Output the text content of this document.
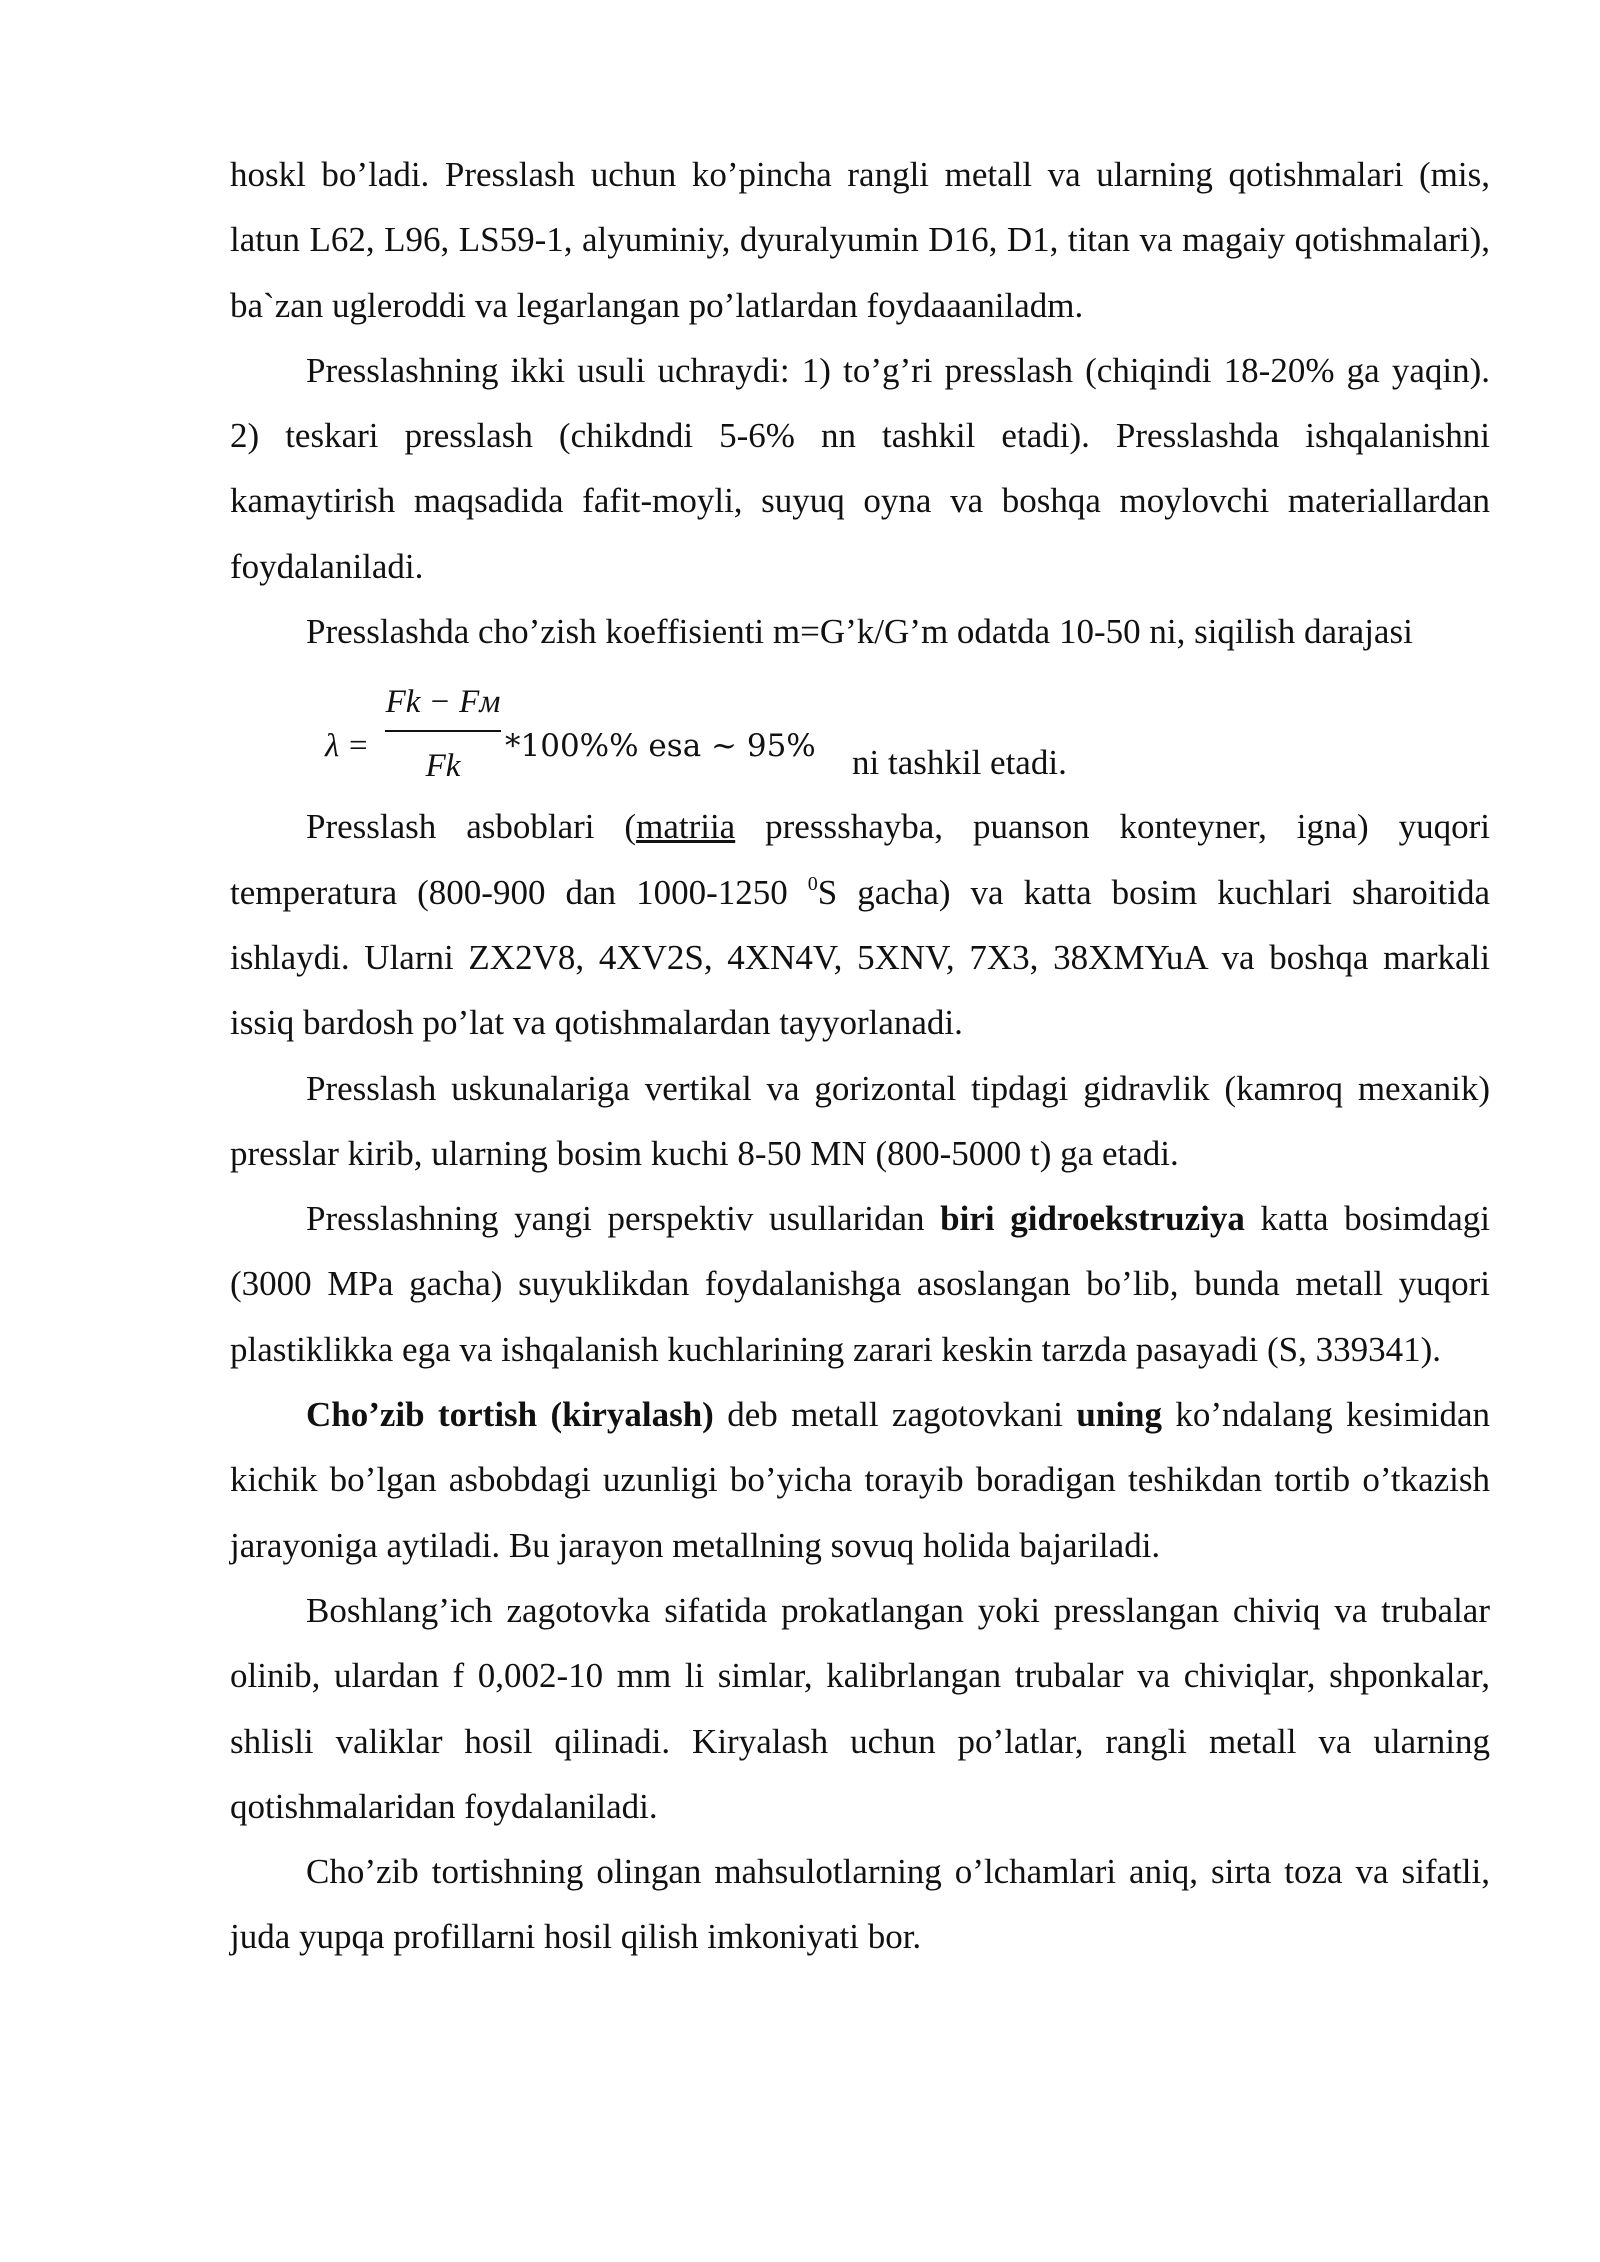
hoskl bo’ladi. Presslash uchun ko’pincha rangli metall va ularning qotishmalari (mis, latun L62, L96, LS59-1, alyuminiy, dyuralyumin D16, D1, titan va magaiy qotishmalari), ba`zan ugleroddi va legarlangan po’latlardan foydaaaniladm.

Presslashning ikki usuli uchraydi: 1) to’g’ri presslash (chiqindi 18-20% ga yaqin). 2) teskari presslash (chikdndi 5-6% nn tashkil etadi). Presslashda ishqalanishni kamaytirish maqsadida fafit-moyli, suyuq oyna va boshqa moylovchi materiallardan foydalaniladi.

Presslashda cho’zish koeffisienti m=G’k/G’m odatda 10-50 ni, siqilish darajasi

λ =
Fk − Fм
Fk
*100%% esa ~ 95% ni tashkil etadi.

Presslash asboblari (matriia pressshayba, puanson konteyner, igna) yuqori temperatura (800-900 dan 1000-1250 $^0$S gacha) va katta bosim kuchlari sharoitida ishlaydi. Ularni ZX2V8, 4XV2S, 4XN4V, 5XNV, 7X3, 38XMYuA va boshqa markali issiq bardosh po’lat va qotishmalardan tayyorlanadi.

Presslash uskunalariga vertikal va gorizontal tipdagi gidravlik (kamroq mexanik) presslar kirib, ularning bosim kuchi 8-50 MN (800-5000 t) ga etadi.

Presslashning yangi perspektiv usullaridan biri gidroekstruziya katta bosimdagi (3000 MPa gacha) suyuklikdan foydalanishga asoslangan bo’lib, bunda metall yuqori plastiklikka ega va ishqalanish kuchlarining zarari keskin tarzda pasayadi (S, 339341).

Cho’zib tortish (kiryalash) deb metall zagotovkani uning ko’ndalang kesimidan kichik bo’lgan asbobdagi uzunligi bo’yicha torayib boradigan teshikdan tortib o’tkazish jarayoniga aytiladi. Bu jarayon metallning sovuq holida bajariladi.

Boshlang’ich zagotovka sifatida prokatlangan yoki presslangan chiviq va trubalar olinib, ulardan f 0,002-10 mm li simlar, kalibrlangan trubalar va chiviqlar, shponkalar, shlisli valiklar hosil qilinadi. Kiryalash uchun po’latlar, rangli metall va ularning qotishmalaridan foydalaniladi.

Cho’zib tortishning olingan mahsulotlarning o’lchamlari aniq, sirta toza va sifatli, juda yupqa profillarni hosil qilish imkoniyati bor.
